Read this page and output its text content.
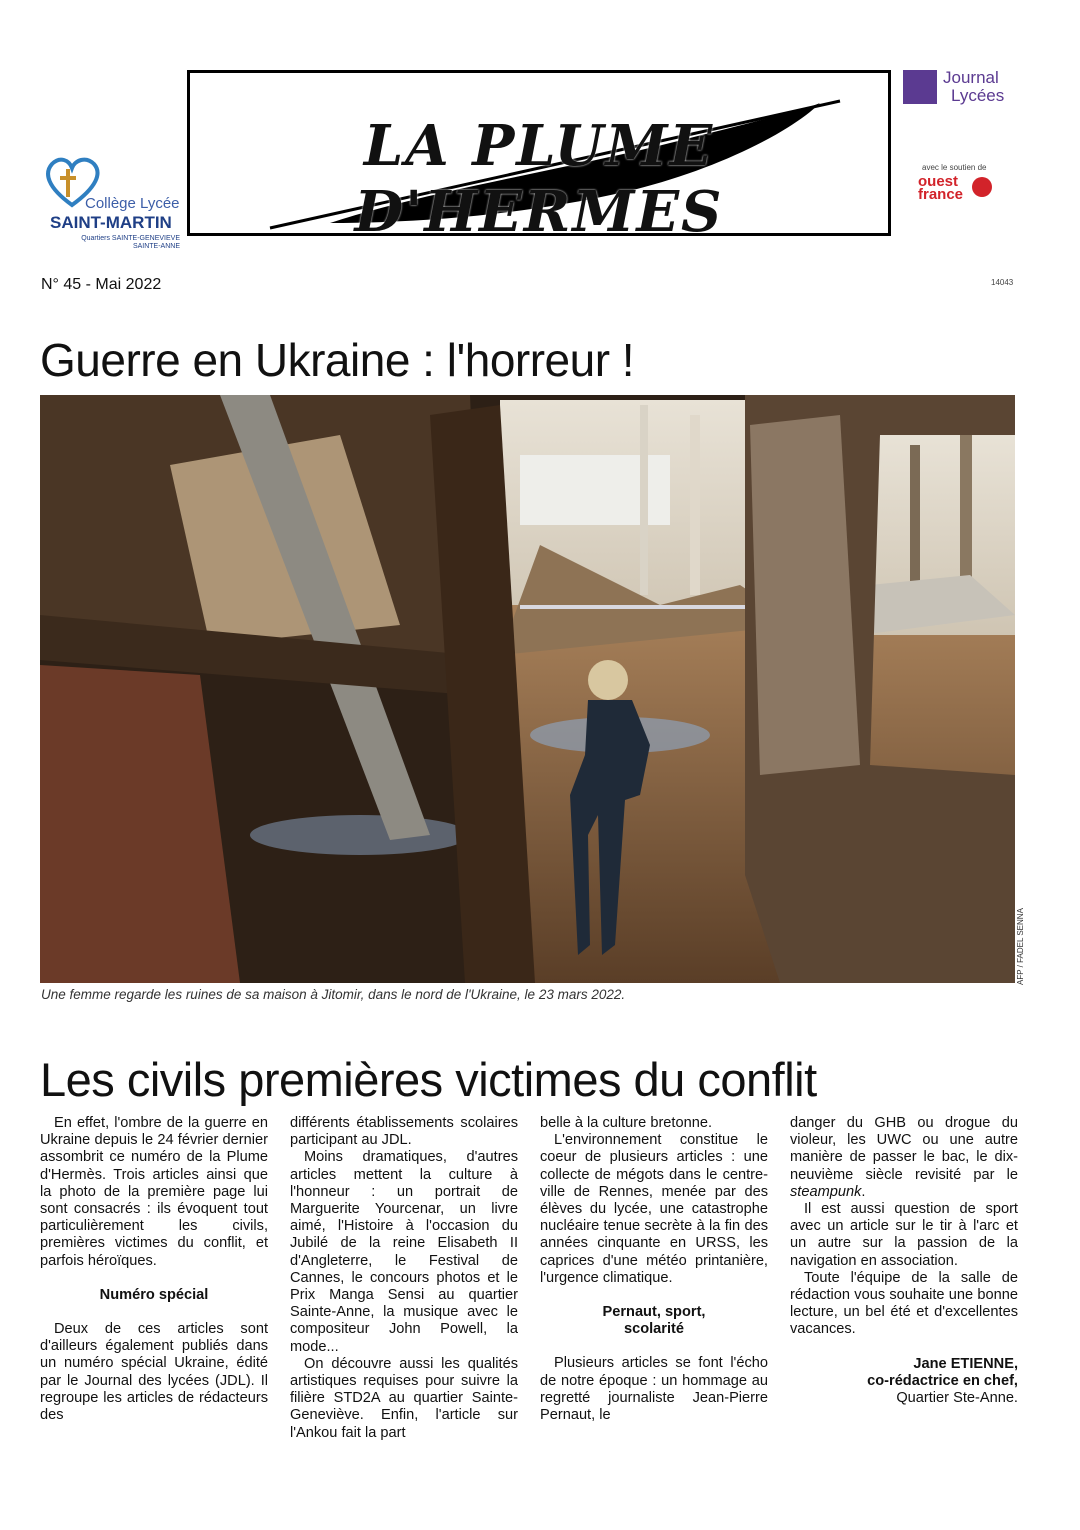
Collège Lycée
SAINT-MARTIN
Quartiers SAINTE-GENEVIEVE SAINTE-ANNE
LA PLUME D'HERMES
Journal
Lycées
avec le soutien de
ouest france
N° 45 - Mai 2022	14043
Guerre en Ukraine : l'horreur !
AFP / FADEL SENNA
Une femme regarde les ruines de sa maison à Jitomir, dans le nord de l'Ukraine, le 23 mars 2022.
Les civils premières victimes du conflit

En effet, l'ombre de la guerre en Ukraine depuis le 24 février dernier assombrit ce numéro de la Plume d'Hermès. Trois articles ainsi que la photo de la première page lui sont consacrés : ils évoquent tout particulièrement les civils, premières victimes du conflit, et parfois héroïques.

Numéro spécial

Deux de ces articles sont d'ailleurs également publiés dans un numéro spécial Ukraine, édité par le Journal des lycées (JDL). Il regroupe les articles de rédacteurs des

différents établissements scolaires participant au JDL.

Moins dramatiques, d'autres articles mettent la culture à l'honneur : un portrait de Marguerite Yourcenar, un livre aimé, l'Histoire à l'occasion du Jubilé de la reine Elisabeth II d'Angleterre, le Festival de Cannes, le concours photos et le Prix Manga Sensi au quartier Sainte-Anne, la musique avec le compositeur John Powell, la mode...

On découvre aussi les qualités artistiques requises pour suivre la filière STD2A au quartier Sainte-Geneviève. Enfin, l'article sur l'Ankou fait la part

belle à la culture bretonne.

L'environnement constitue le coeur de plusieurs articles : une collecte de mégots dans le centre-ville de Rennes, menée par des élèves du lycée, une catastrophe nucléaire tenue secrète à la fin des années cinquante en URSS, les caprices d'une météo printanière, l'urgence climatique.

Pernaut, sport,

scolarité

Plusieurs articles se font l'écho de notre époque : un hommage au regretté journaliste Jean-Pierre Pernaut, le

danger du GHB ou drogue du violeur, les UWC ou une autre manière de passer le bac, le dix-neuvième siècle revisité par le steampunk.

Il est aussi question de sport avec un article sur le tir à l'arc et un autre sur la passion de la navigation en association.

Toute l'équipe de la salle de rédaction vous souhaite une bonne lecture, un bel été et d'excellentes vacances.

Jane ETIENNE,

co-rédactrice en chef,

Quartier Ste-Anne.
